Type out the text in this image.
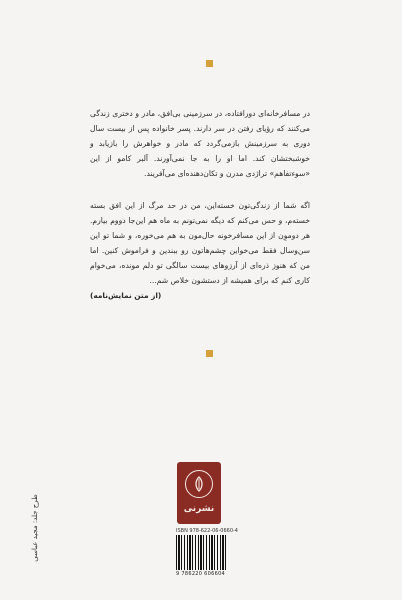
در مسافرخانه‌ای دورافتاده، در سرزمینی بی‌افق، مادر و دختری زندگی می‌کنند که رؤیای رفتن در سر دارند. پسر خانواده پس از بیست سال دوری به سرزمینش بازمی‌گردد که مادر و خواهرش را بازیابد و خوشبختشان کند. اما او را به جا نمی‌آورند. آلبر کامو از این «سوءتفاهم» تراژدی مدرن و تکان‌دهنده‌ای می‌آفریند.

اگه شما از زندگی‌تون خسته‌این، من در حد مرگ از این افق بسته خسته‌م، و حس می‌کنم که دیگه نمی‌تونم به ماه هم این‌جا دووم بیارم. هر دوموِن از این مسافرخونه حال‌مون به هم می‌خوره، و شما تو این سن‌وسال فقط می‌خواین چشم‌هاتون رو ببندین و فراموش کنین. اما من که هنوز ذره‌ای از آرزوهای بیست سالگی تو دلم مونده، می‌خوام کاری کنم که برای همیشه از دستشون خلاص شم...

(از متن نمایش‌نامه)

نشرنی
ISBN 978-622-06-0660-4
9 786220 606604
طرح جلد: مجید عباسی
